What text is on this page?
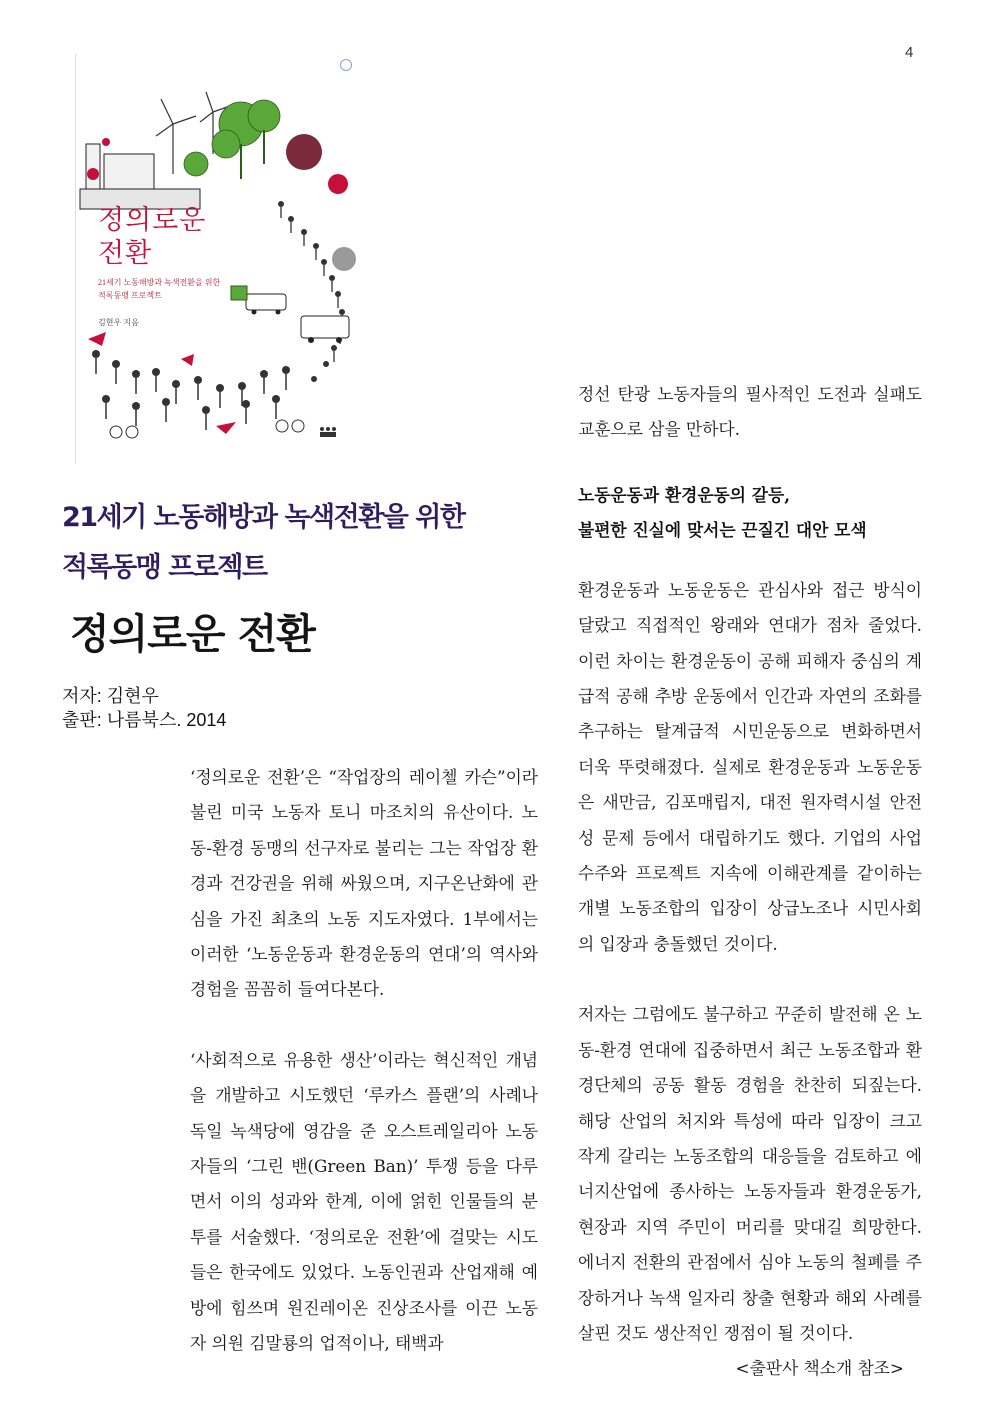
4
정의로운
전환
21세기 노동해방과 녹색전환을 위한
적록동맹 프로젝트
김현우 지음
21세기 노동해방과 녹색전환을 위한
적록동맹 프로젝트
정의로운 전환
저자: 김현우
출판: 나름북스. 2014

‘정의로운 전환’은 “작업장의 레이첼 카슨”이라 불린 미국 노동자 토니 마조치의 유산이다. 노동-환경 동맹의 선구자로 불리는 그는 작업장 환경과 건강권을 위해 싸웠으며, 지구온난화에 관심을 가진 최초의 노동 지도자였다. 1부에서는 이러한 ‘노동운동과 환경운동의 연대’의 역사와 경험을 꼼꼼히 들여다본다.

‘사회적으로 유용한 생산’이라는 혁신적인 개념을 개발하고 시도했던 ‘루카스 플랜’의 사례나 독일 녹색당에 영감을 준 오스트레일리아 노동자들의 ‘그린 밴(Green Ban)’ 투쟁 등을 다루면서 이의 성과와 한계, 이에 얽힌 인물들의 분투를 서술했다. ‘정의로운 전환’에 걸맞는 시도들은 한국에도 있었다. 노동인권과 산업재해 예방에 힘쓰며 원진레이온 진상조사를 이끈 노동자 의원 김말룡의 업적이나, 태백과

정선 탄광 노동자들의 필사적인 도전과 실패도 교훈으로 삼을 만하다.

노동운동과 환경운동의 갈등,
불편한 진실에 맞서는 끈질긴 대안 모색

환경운동과 노동운동은 관심사와 접근 방식이 달랐고 직접적인 왕래와 연대가 점차 줄었다. 이런 차이는 환경운동이 공해 피해자 중심의 계급적 공해 추방 운동에서 인간과 자연의 조화를 추구하는 탈계급적 시민운동으로 변화하면서 더욱 뚜렷해졌다. 실제로 환경운동과 노동운동은 새만금, 김포매립지, 대전 원자력시설 안전성 문제 등에서 대립하기도 했다. 기업의 사업 수주와 프로젝트 지속에 이해관계를 같이하는 개별 노동조합의 입장이 상급노조나 시민사회의 입장과 충돌했던 것이다.

저자는 그럼에도 불구하고 꾸준히 발전해 온 노동-환경 연대에 집중하면서 최근 노동조합과 환경단체의 공동 활동 경험을 찬찬히 되짚는다. 해당 산업의 처지와 특성에 따라 입장이 크고 작게 갈리는 노동조합의 대응들을 검토하고 에너지산업에 종사하는 노동자들과 환경운동가, 현장과 지역 주민이 머리를 맞대길 희망한다. 에너지 전환의 관점에서 심야 노동의 철폐를 주장하거나 녹색 일자리 창출 현황과 해외 사례를 살핀 것도 생산적인 쟁점이 될 것이다.
<출판사 책소개 참조>
